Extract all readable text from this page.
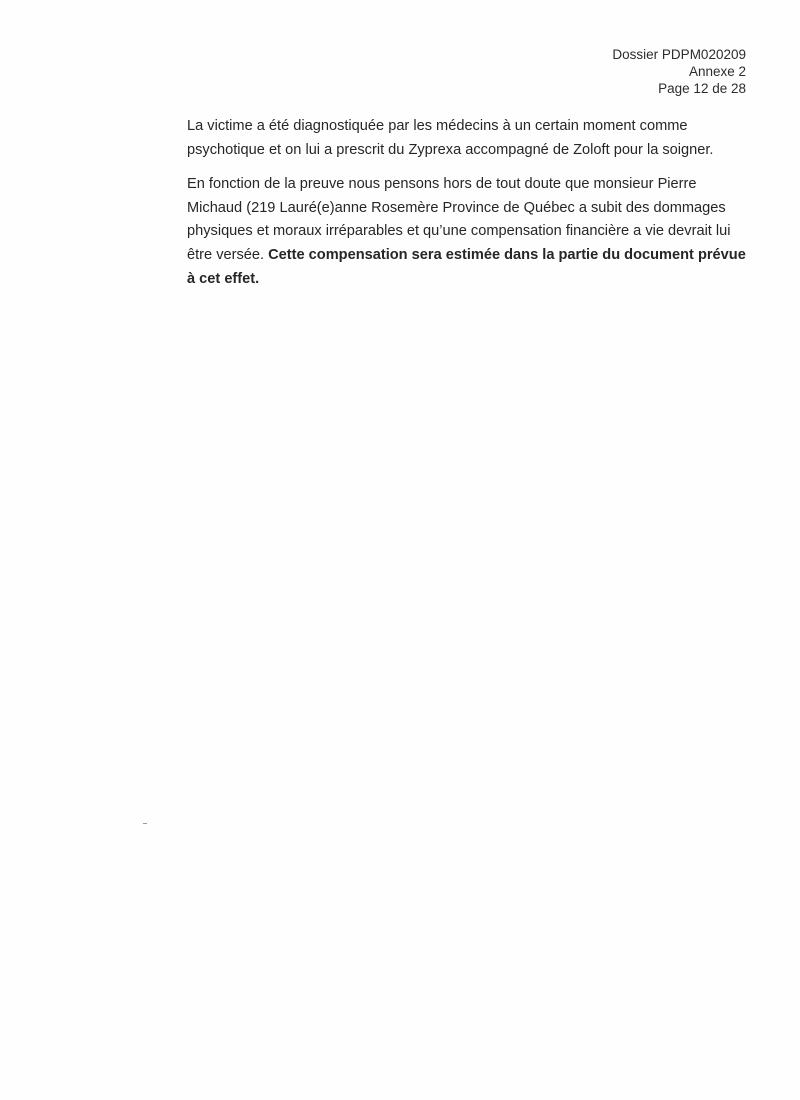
Dossier PDPM020209
Annexe 2
Page 12 de 28

La victime a été diagnostiquée par les médecins à un certain moment comme psychotique et on lui a prescrit du Zyprexa accompagné de Zoloft pour la soigner.

En fonction de la preuve nous pensons hors de tout doute que monsieur Pierre Michaud (219 Lauré(e)anne Rosemère Province de Québec a subit des dommages physiques et moraux irréparables et qu’une compensation financière a vie devrait lui être versée. Cette compensation sera estimée dans la partie du document prévue à cet effet.
